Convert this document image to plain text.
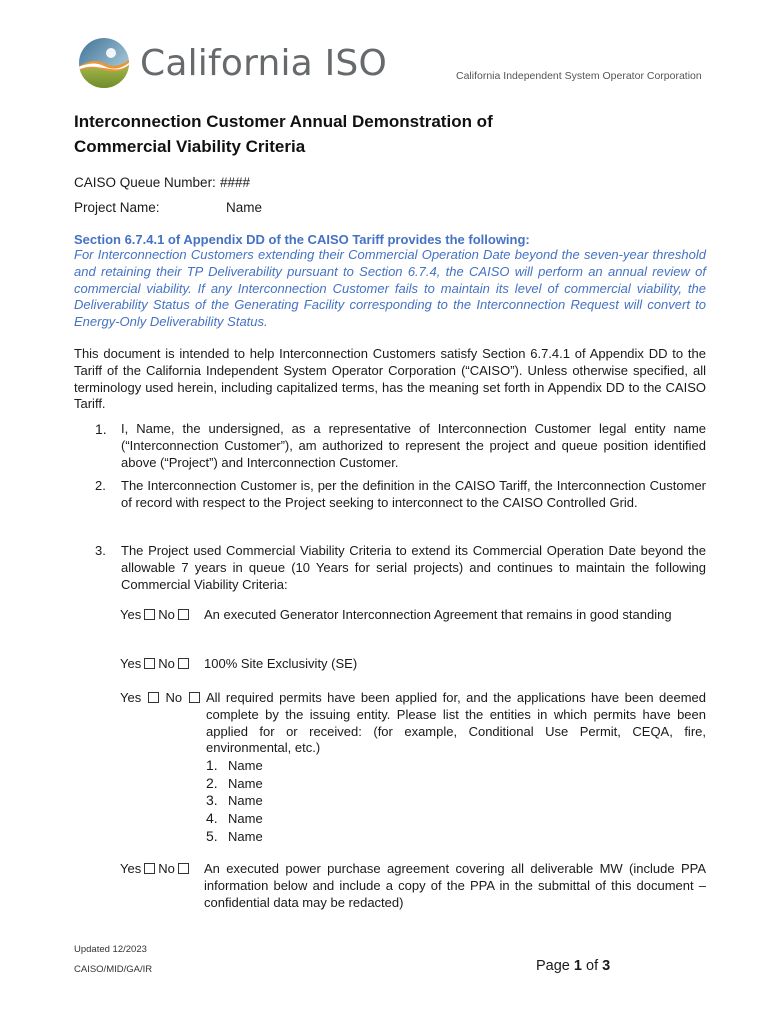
California ISO	California Independent System Operator Corporation
Interconnection Customer Annual Demonstration of
Commercial Viability Criteria
CAISO Queue Number: ####
Project Name:	Name
Section 6.7.4.1 of Appendix DD of the CAISO Tariff provides the following:
For Interconnection Customers extending their Commercial Operation Date beyond the seven-year threshold and retaining their TP Deliverability pursuant to Section 6.7.4, the CAISO will perform an annual review of commercial viability. If any Interconnection Customer fails to maintain its level of commercial viability, the Deliverability Status of the Generating Facility corresponding to the Interconnection Request will convert to Energy-Only Deliverability Status.
This document is intended to help Interconnection Customers satisfy Section 6.7.4.1 of Appendix DD to the Tariff of the California Independent System Operator Corporation (“CAISO”). Unless otherwise specified, all terminology used herein, including capitalized terms, has the meaning set forth in Appendix DD to the CAISO Tariff.
1.	I, Name, the undersigned, as a representative of Interconnection Customer legal entity name (“Interconnection Customer”), am authorized to represent the project and queue position identified above (“Project”) and Interconnection Customer.
2.	The Interconnection Customer is, per the definition in the CAISO Tariff, the Interconnection Customer of record with respect to the Project seeking to interconnect to the CAISO Controlled Grid.
3.	The Project used Commercial Viability Criteria to extend its Commercial Operation Date beyond the allowable 7 years in queue (10 Years for serial projects) and continues to maintain the following Commercial Viability Criteria:
Yes No	An executed Generator Interconnection Agreement that remains in good standing
Yes No	100% Site Exclusivity (SE)
Yes No	All required permits have been applied for, and the applications have been deemed complete by the issuing entity. Please list the entities in which permits have been applied for or received: (for example, Conditional Use Permit, CEQA, fire, environmental, etc.)
1. Name
2. Name
3. Name
4. Name
5. Name
Yes No	An executed power purchase agreement covering all deliverable MW (include PPA information below and include a copy of the PPA in the submittal of this document – confidential data may be redacted)
Updated 12/2023
CAISO/MID/GA/IR	Page 1 of 3
